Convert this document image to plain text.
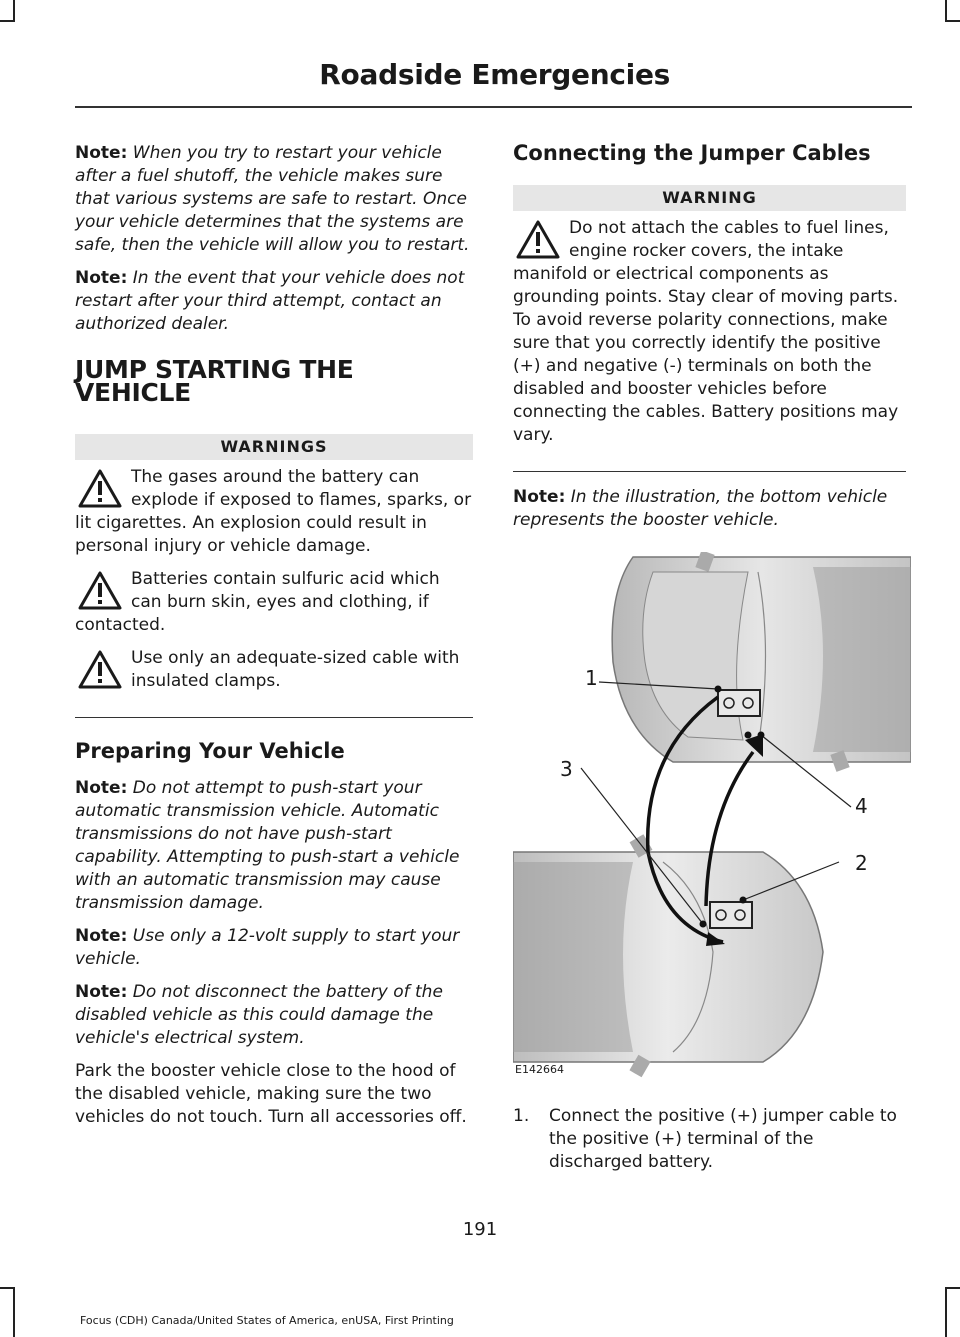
Roadside Emergencies

Note: When you try to restart your vehicle after a fuel shutoff, the vehicle makes sure that various systems are safe to restart. Once your vehicle determines that the systems are safe, then the vehicle will allow you to restart.

Note: In the event that your vehicle does not restart after your third attempt, contact an authorized dealer.

JUMP STARTING THE VEHICLE
WARNINGS
The gases around the battery can explode if exposed to flames, sparks, or lit cigarettes. An explosion could result in personal injury or vehicle damage.
Batteries contain sulfuric acid which can burn skin, eyes and clothing, if contacted.
Use only an adequate-sized cable with insulated clamps.
Preparing Your Vehicle

Note: Do not attempt to push-start your automatic transmission vehicle. Automatic transmissions do not have push-start capability. Attempting to push-start a vehicle with an automatic transmission may cause transmission damage.

Note: Use only a 12-volt supply to start your vehicle.

Note: Do not disconnect the battery of the disabled vehicle as this could damage the vehicle's electrical system.

Park the booster vehicle close to the hood of the disabled vehicle, making sure the two vehicles do not touch. Turn all accessories off.

Connecting the Jumper Cables
WARNING
Do not attach the cables to fuel lines, engine rocker covers, the intake manifold or electrical components as grounding points. Stay clear of moving parts. To avoid reverse polarity connections, make sure that you correctly identify the positive (+) and negative (-) terminals on both the disabled and booster vehicles before connecting the cables. Battery positions may vary.

Note: In the illustration, the bottom vehicle represents the booster vehicle.

1
2
3
4
E142664
1. Connect the positive (+) jumper cable to the positive (+) terminal of the discharged battery.
191
Focus (CDH) Canada/United States of America, enUSA, First Printing
